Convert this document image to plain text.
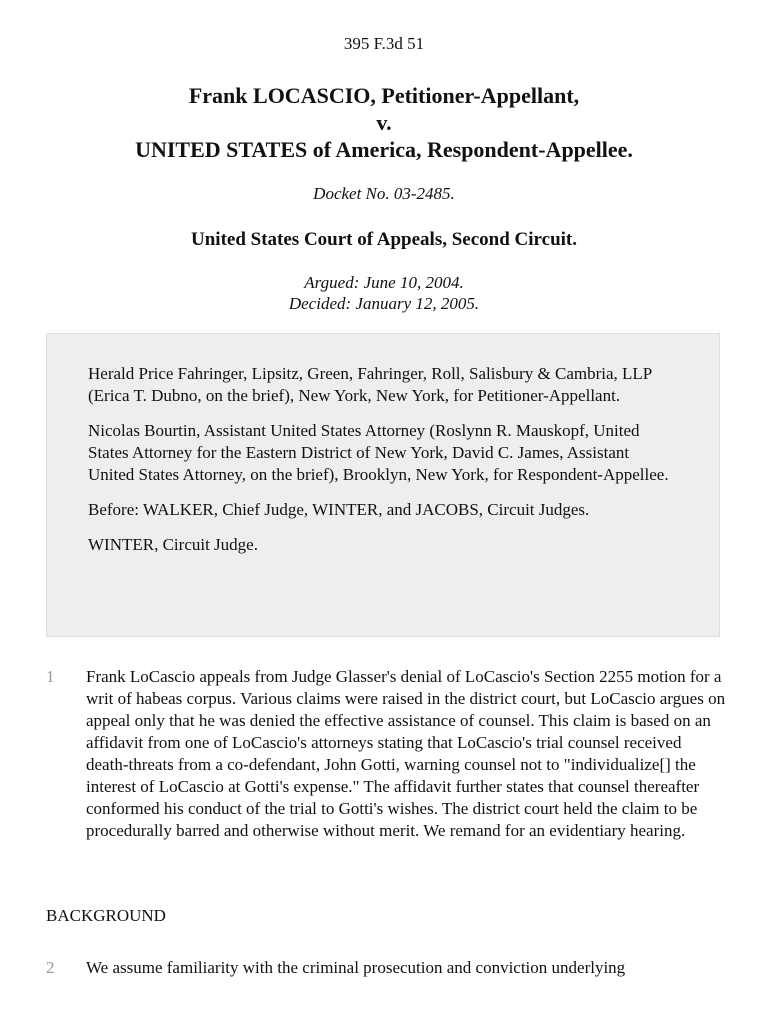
395 F.3d 51
Frank LOCASCIO, Petitioner-Appellant,
v.
UNITED STATES of America, Respondent-Appellee.
Docket No. 03-2485.
United States Court of Appeals, Second Circuit.
Argued: June 10, 2004.
Decided: January 12, 2005.

Herald Price Fahringer, Lipsitz, Green, Fahringer, Roll, Salisbury & Cambria, LLP (Erica T. Dubno, on the brief), New York, New York, for Petitioner-Appellant.

Nicolas Bourtin, Assistant United States Attorney (Roslynn R. Mauskopf, United States Attorney for the Eastern District of New York, David C. James, Assistant United States Attorney, on the brief), Brooklyn, New York, for Respondent-Appellee.

Before: WALKER, Chief Judge, WINTER, and JACOBS, Circuit Judges.

WINTER, Circuit Judge.

1	Frank LoCascio appeals from Judge Glasser's denial of LoCascio's Section 2255 motion for a writ of habeas corpus. Various claims were raised in the district court, but LoCascio argues on appeal only that he was denied the effective assistance of counsel. This claim is based on an affidavit from one of LoCascio's attorneys stating that LoCascio's trial counsel received death-threats from a co-defendant, John Gotti, warning counsel not to "individualize[] the interest of LoCascio at Gotti's expense." The affidavit further states that counsel thereafter conformed his conduct of the trial to Gotti's wishes. The district court held the claim to be procedurally barred and otherwise without merit. We remand for an evidentiary hearing.
BACKGROUND
2	We assume familiarity with the criminal prosecution and conviction underlying
